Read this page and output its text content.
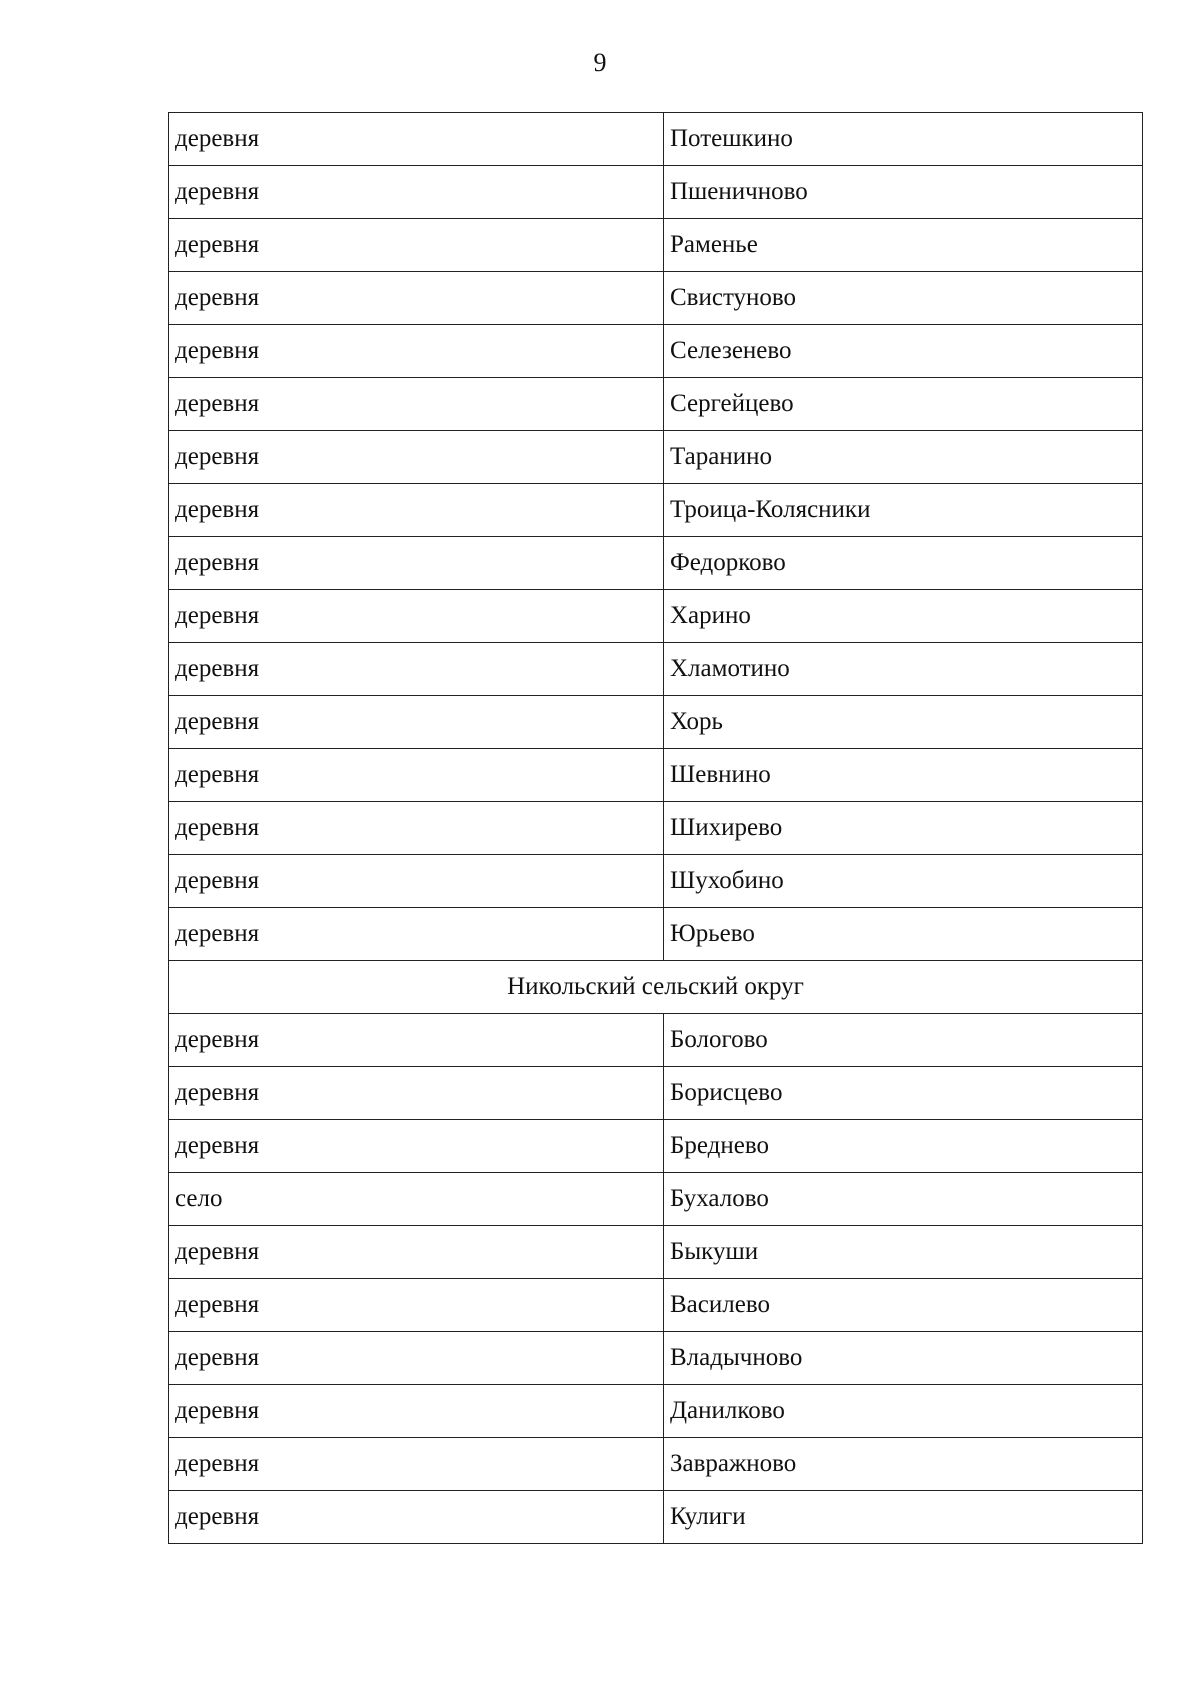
9
деревня	Потешкино
деревня	Пшеничново
деревня	Раменье
деревня	Свистуново
деревня	Селезенево
деревня	Сергейцево
деревня	Таранино
деревня	Троица-Колясники
деревня	Федорково
деревня	Харино
деревня	Хламотино
деревня	Хорь
деревня	Шевнино
деревня	Шихирево
деревня	Шухобино
деревня	Юрьево
Никольский сельский округ	
деревня	Бологово
деревня	Борисцево
деревня	Бреднево
село	Бухалово
деревня	Быкуши
деревня	Василево
деревня	Владычново
деревня	Данилково
деревня	Завражново
деревня	Кулиги
